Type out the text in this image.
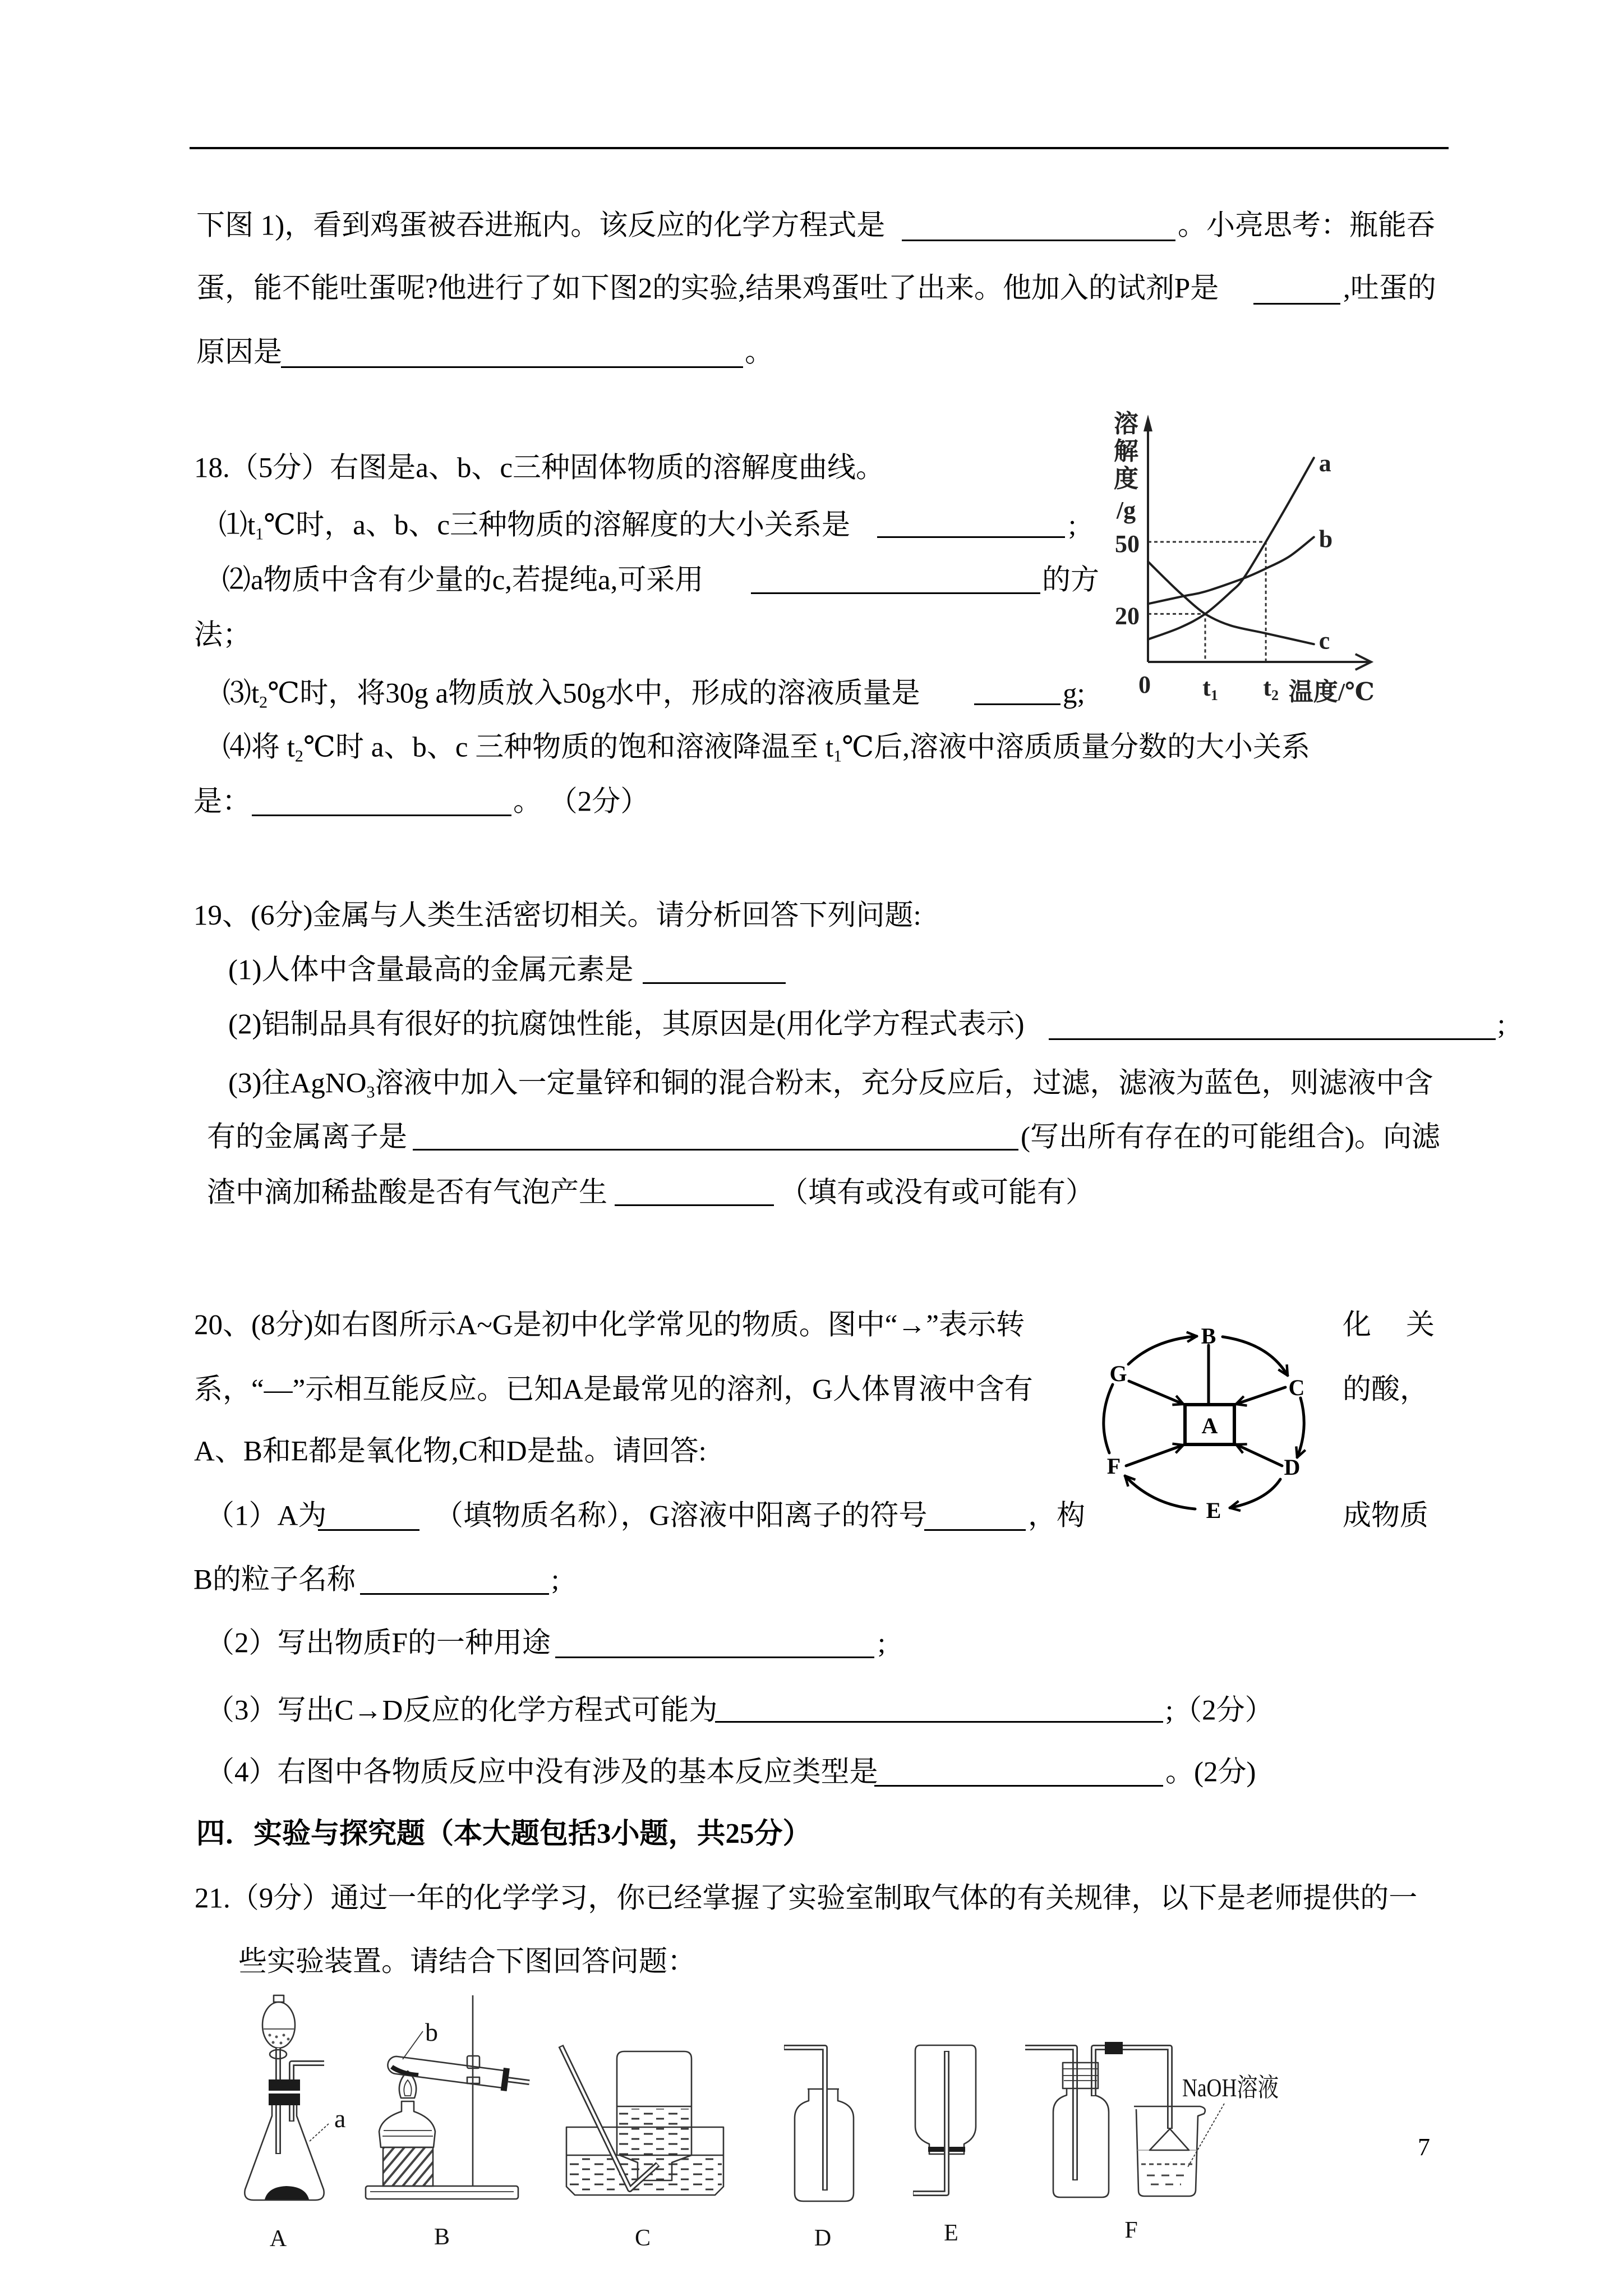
下图 1)，看到鸡蛋被吞进瓶内。该反应的化学方程式是	。小亮思考：瓶能吞
蛋，能不能吐蛋呢?他进行了如下图2的实验,结果鸡蛋吐了出来。他加入的试剂P是	,吐蛋的
原因是	。
18.（5分）右图是a、b、c三种固体物质的溶解度曲线。
$⑴t_1℃$时，a、b、c三种物质的溶解度的大小关系是	;
⑵a物质中含有少量的c,若提纯a,可采用	的方
法；
$⑶t_2℃$时，将30g a物质放入50g水中，形成的溶液质量是	g;
⑷将 $t_2℃$时 a、b、c 三种物质的饱和溶液降温至 $t_1℃$后,溶液中溶质质量分数的大小关系
是：	。 （2分）
a
b
c
20
50
0 t1 t2 温度/℃
溶
解
度
/g
19、(6分)金属与人类生活密切相关。请分析回答下列问题:
(1)人体中含量最高的金属元素是
(2)铝制品具有很好的抗腐蚀性能，其原因是(用化学方程式表示)	;
(3)往AgNO$_3$溶液中加入一定量锌和铜的混合粉末，充分反应后，过滤，滤液为蓝色，则滤液中含
有的金属离子是	(写出所有存在的可能组合)。向滤
渣中滴加稀盐酸是否有气泡产生	（填有或没有或可能有）
20、(8分)如右图所示A~G是初中化学常见的物质。图中“→”表示转	化 关
系，“—”示相互能反应。已知A是最常见的溶剂，G人体胃液中含有	的酸，
A、B和E都是氧化物,C和D是盐。请回答:
（1）A为	（填物质名称），G溶液中阳离子的符号	，构	成物质
B的粒子名称	;
（2）写出物质F的一种用途	;
（3）写出C→D反应的化学方程式可能为	;（2分）
（4）右图中各物质反应中没有涉及的基本反应类型是	。(2分)
A
B
C
D
E
F
G
四．实验与探究题（本大题包括3小题，共25分）
21.（9分）通过一年的化学学习，你已经掌握了实验室制取气体的有关规律，以下是老师提供的一
些实验装置。请结合下图回答问题：
a
A
b
B	C	D	E
NaOH溶液
F
7
